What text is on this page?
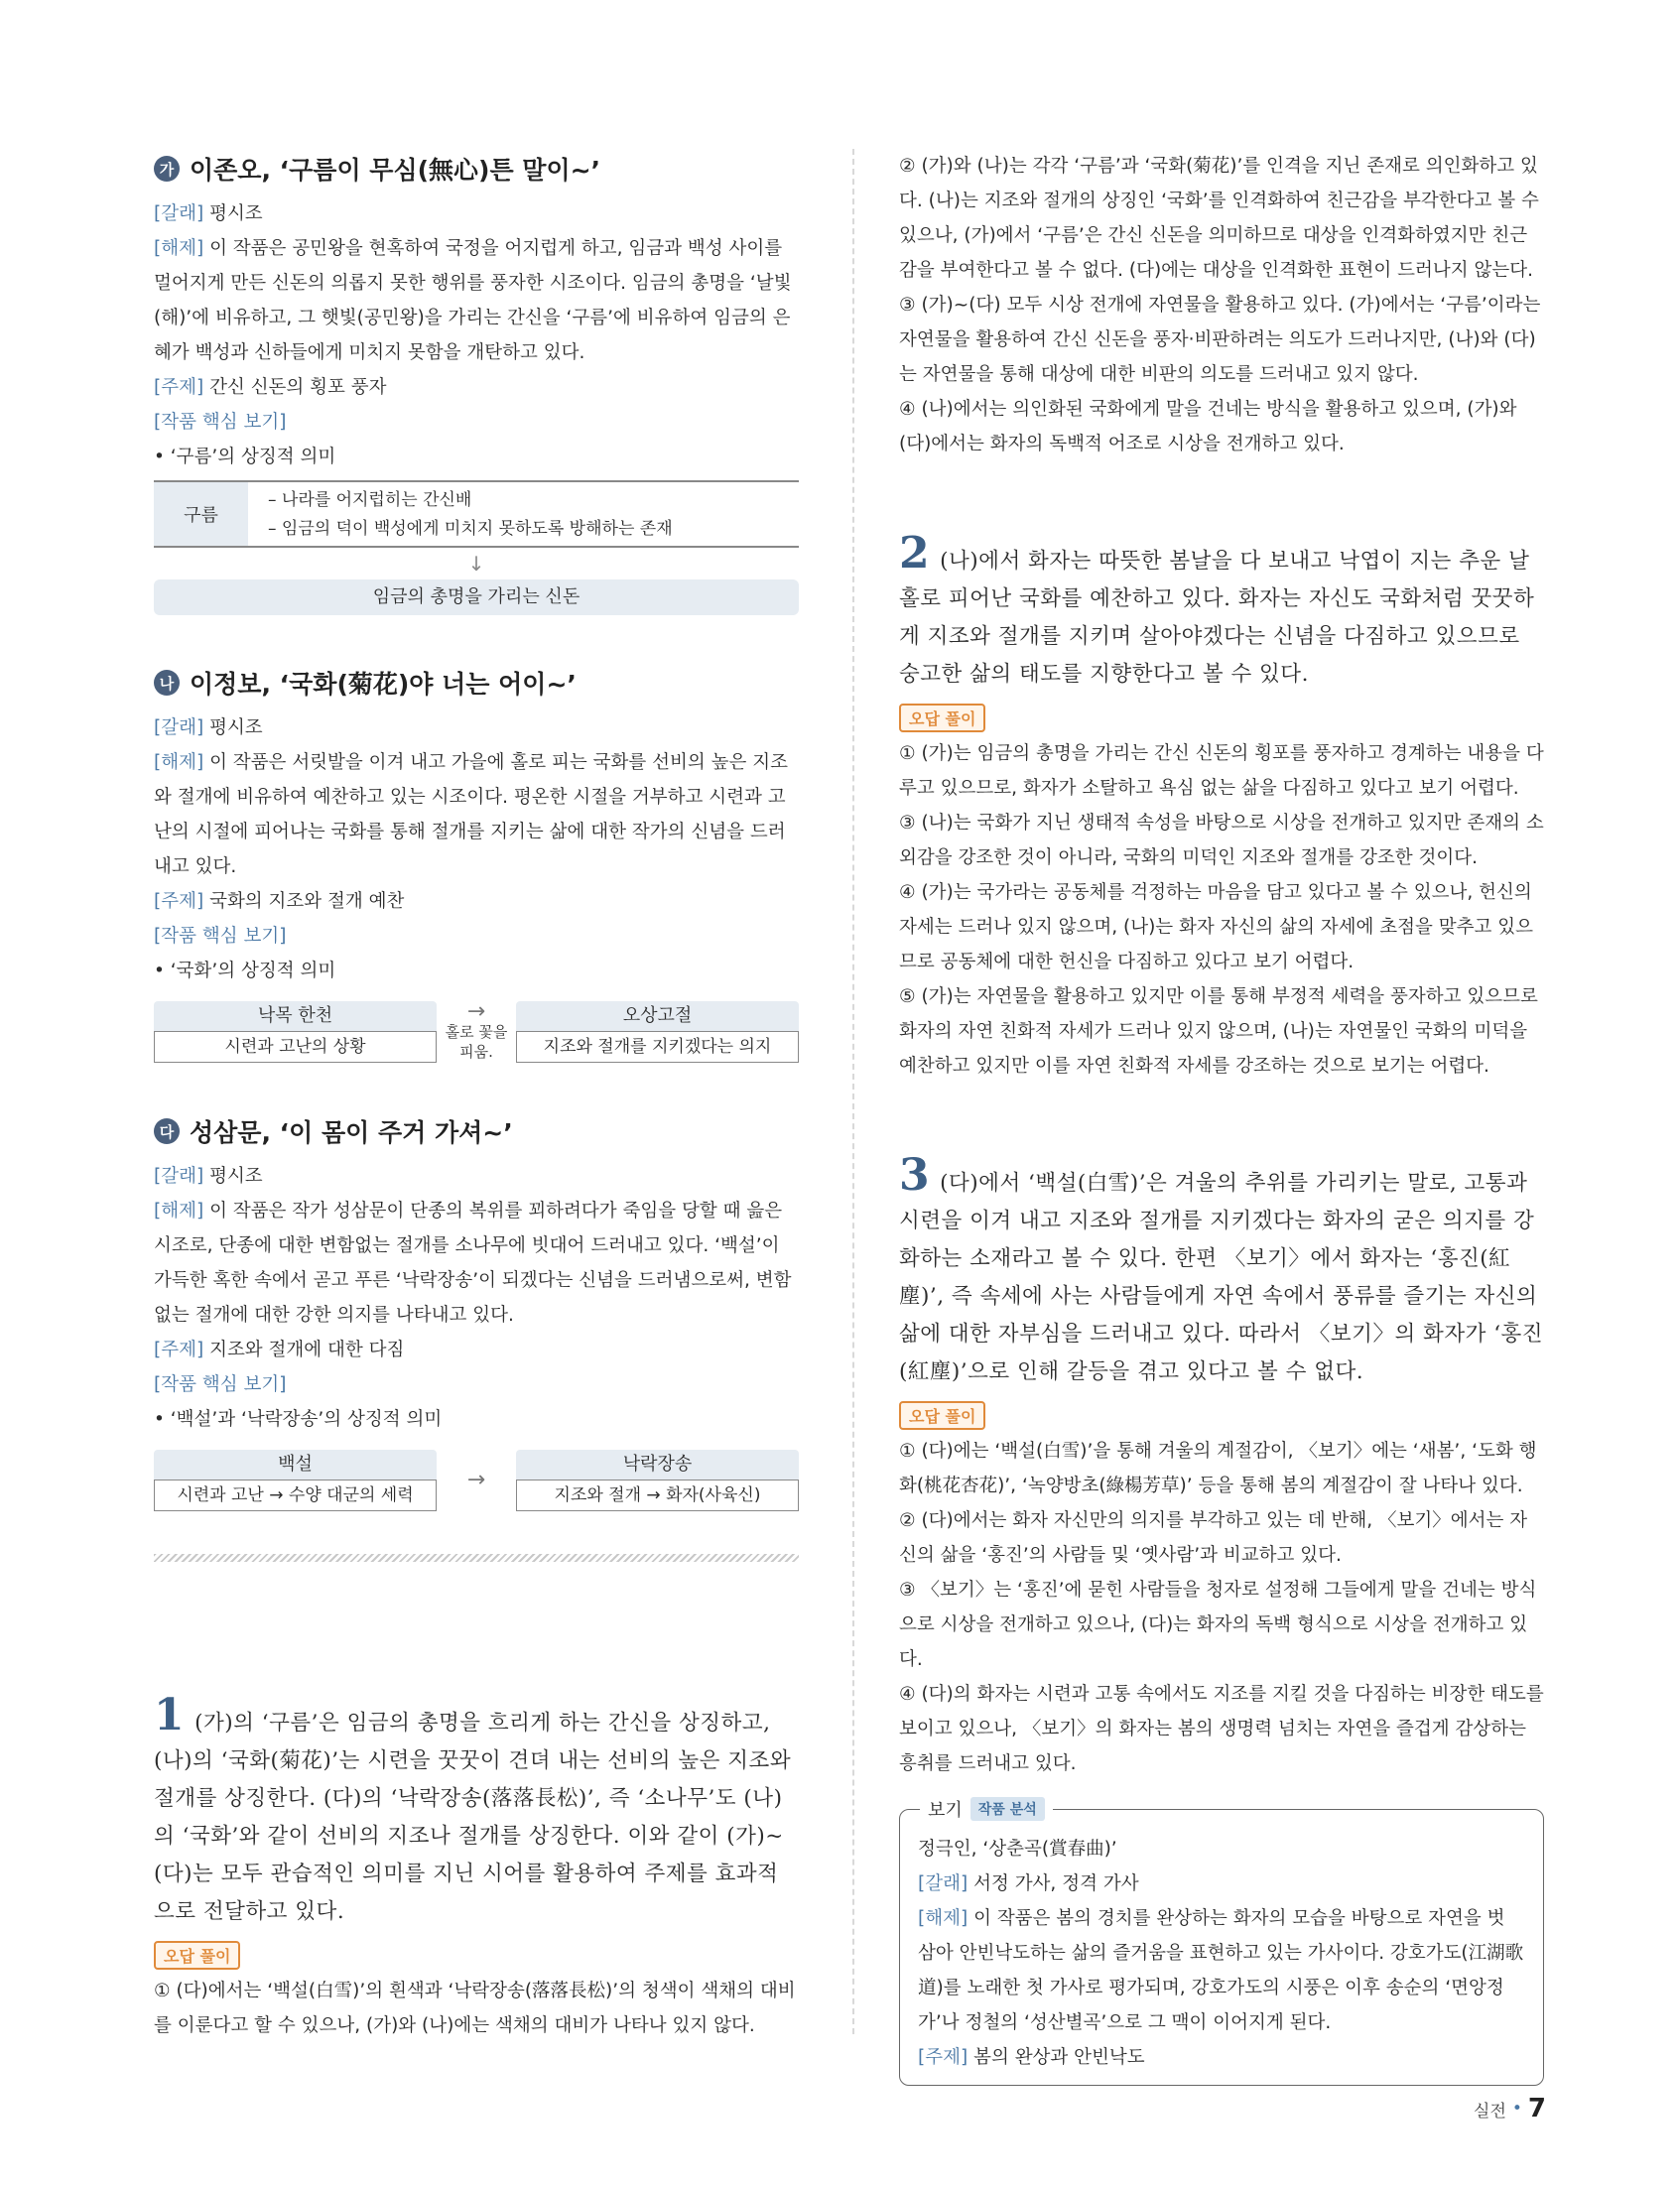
가 이존오, ‘구름이 무심(無心)튼 말이~’

[갈래] 평시조

[해제] 이 작품은 공민왕을 현혹하여 국정을 어지럽게 하고, 임금과 백성 사이를 멀어지게 만든 신돈의 의롭지 못한 행위를 풍자한 시조이다. 임금의 총명을 ‘날빛(해)’에 비유하고, 그 햇빛(공민왕)을 가리는 간신을 ‘구름’에 비유하여 임금의 은혜가 백성과 신하들에게 미치지 못함을 개탄하고 있다.

[주제] 간신 신돈의 횡포 풍자

[작품 핵심 보기]

• ‘구름’의 상징적 의미

구름
– 나라를 어지럽히는 간신배
– 임금의 덕이 백성에게 미치지 못하도록 방해하는 존재
↓
임금의 총명을 가리는 신돈
나 이정보, ‘국화(菊花)야 너는 어이~’

[갈래] 평시조

[해제] 이 작품은 서릿발을 이겨 내고 가을에 홀로 피는 국화를 선비의 높은 지조와 절개에 비유하여 예찬하고 있는 시조이다. 평온한 시절을 거부하고 시련과 고난의 시절에 피어나는 국화를 통해 절개를 지키는 삶에 대한 작가의 신념을 드러내고 있다.

[주제] 국화의 지조와 절개 예찬

[작품 핵심 보기]

• ‘국화’의 상징적 의미

낙목 한천
시련과 고난의 상황
→
홀로 꽃을 피움.
오상고절
지조와 절개를 지키겠다는 의지
다 성삼문, ‘이 몸이 주거 가셔~’

[갈래] 평시조

[해제] 이 작품은 작가 성삼문이 단종의 복위를 꾀하려다가 죽임을 당할 때 읊은 시조로, 단종에 대한 변함없는 절개를 소나무에 빗대어 드러내고 있다. ‘백설’이 가득한 혹한 속에서 곧고 푸른 ‘낙락장송’이 되겠다는 신념을 드러냄으로써, 변함없는 절개에 대한 강한 의지를 나타내고 있다.

[주제] 지조와 절개에 대한 다짐

[작품 핵심 보기]

• ‘백설’과 ‘낙락장송’의 상징적 의미

백설
시련과 고난 → 수양 대군의 세력
→
낙락장송
지조와 절개 → 화자(사육신)

1 (가)의 ‘구름’은 임금의 총명을 흐리게 하는 간신을 상징하고, (나)의 ‘국화(菊花)’는 시련을 꿋꿋이 견뎌 내는 선비의 높은 지조와 절개를 상징한다. (다)의 ‘낙락장송(落落長松)’, 즉 ‘소나무’도 (나)의 ‘국화’와 같이 선비의 지조나 절개를 상징한다. 이와 같이 (가)~(다)는 모두 관습적인 의미를 지닌 시어를 활용하여 주제를 효과적으로 전달하고 있다.

오답 풀이

① (다)에서는 ‘백설(白雪)’의 흰색과 ‘낙락장송(落落長松)’의 청색이 색채의 대비를 이룬다고 할 수 있으나, (가)와 (나)에는 색채의 대비가 나타나 있지 않다.

② (가)와 (나)는 각각 ‘구름’과 ‘국화(菊花)’를 인격을 지닌 존재로 의인화하고 있다. (나)는 지조와 절개의 상징인 ‘국화’를 인격화하여 친근감을 부각한다고 볼 수 있으나, (가)에서 ‘구름’은 간신 신돈을 의미하므로 대상을 인격화하였지만 친근감을 부여한다고 볼 수 없다. (다)에는 대상을 인격화한 표현이 드러나지 않는다.

③ (가)~(다) 모두 시상 전개에 자연물을 활용하고 있다. (가)에서는 ‘구름’이라는 자연물을 활용하여 간신 신돈을 풍자·비판하려는 의도가 드러나지만, (나)와 (다)는 자연물을 통해 대상에 대한 비판의 의도를 드러내고 있지 않다.

④ (나)에서는 의인화된 국화에게 말을 건네는 방식을 활용하고 있으며, (가)와 (다)에서는 화자의 독백적 어조로 시상을 전개하고 있다.

2 (나)에서 화자는 따뜻한 봄날을 다 보내고 낙엽이 지는 추운 날 홀로 피어난 국화를 예찬하고 있다. 화자는 자신도 국화처럼 꿋꿋하게 지조와 절개를 지키며 살아야겠다는 신념을 다짐하고 있으므로 숭고한 삶의 태도를 지향한다고 볼 수 있다.

오답 풀이

① (가)는 임금의 총명을 가리는 간신 신돈의 횡포를 풍자하고 경계하는 내용을 다루고 있으므로, 화자가 소탈하고 욕심 없는 삶을 다짐하고 있다고 보기 어렵다.

③ (나)는 국화가 지닌 생태적 속성을 바탕으로 시상을 전개하고 있지만 존재의 소외감을 강조한 것이 아니라, 국화의 미덕인 지조와 절개를 강조한 것이다.

④ (가)는 국가라는 공동체를 걱정하는 마음을 담고 있다고 볼 수 있으나, 헌신의 자세는 드러나 있지 않으며, (나)는 화자 자신의 삶의 자세에 초점을 맞추고 있으므로 공동체에 대한 헌신을 다짐하고 있다고 보기 어렵다.

⑤ (가)는 자연물을 활용하고 있지만 이를 통해 부정적 세력을 풍자하고 있으므로 화자의 자연 친화적 자세가 드러나 있지 않으며, (나)는 자연물인 국화의 미덕을 예찬하고 있지만 이를 자연 친화적 자세를 강조하는 것으로 보기는 어렵다.

3 (다)에서 ‘백설(白雪)’은 겨울의 추위를 가리키는 말로, 고통과 시련을 이겨 내고 지조와 절개를 지키겠다는 화자의 굳은 의지를 강화하는 소재라고 볼 수 있다. 한편 〈보기〉에서 화자는 ‘홍진(紅塵)’, 즉 속세에 사는 사람들에게 자연 속에서 풍류를 즐기는 자신의 삶에 대한 자부심을 드러내고 있다. 따라서 〈보기〉의 화자가 ‘홍진(紅塵)’으로 인해 갈등을 겪고 있다고 볼 수 없다.

오답 풀이

① (다)에는 ‘백설(白雪)’을 통해 겨울의 계절감이, 〈보기〉에는 ‘새봄’, ‘도화 행화(桃花杏花)’, ‘녹양방초(綠楊芳草)’ 등을 통해 봄의 계절감이 잘 나타나 있다.

② (다)에서는 화자 자신만의 의지를 부각하고 있는 데 반해, 〈보기〉에서는 자신의 삶을 ‘홍진’의 사람들 및 ‘옛사람’과 비교하고 있다.

③ 〈보기〉는 ‘홍진’에 묻힌 사람들을 청자로 설정해 그들에게 말을 건네는 방식으로 시상을 전개하고 있으나, (다)는 화자의 독백 형식으로 시상을 전개하고 있다.

④ (다)의 화자는 시련과 고통 속에서도 지조를 지킬 것을 다짐하는 비장한 태도를 보이고 있으나, 〈보기〉의 화자는 봄의 생명력 넘치는 자연을 즐겁게 감상하는 흥취를 드러내고 있다.

보기	작품 분석

정극인, ‘상춘곡(賞春曲)’

[갈래] 서정 가사, 정격 가사

[해제] 이 작품은 봄의 경치를 완상하는 화자의 모습을 바탕으로 자연을 벗 삼아 안빈낙도하는 삶의 즐거움을 표현하고 있는 가사이다. 강호가도(江湖歌道)를 노래한 첫 가사로 평가되며, 강호가도의 시풍은 이후 송순의 ‘면앙정가’나 정철의 ‘성산별곡’으로 그 맥이 이어지게 된다.

[주제] 봄의 완상과 안빈낙도

실전 • 7
